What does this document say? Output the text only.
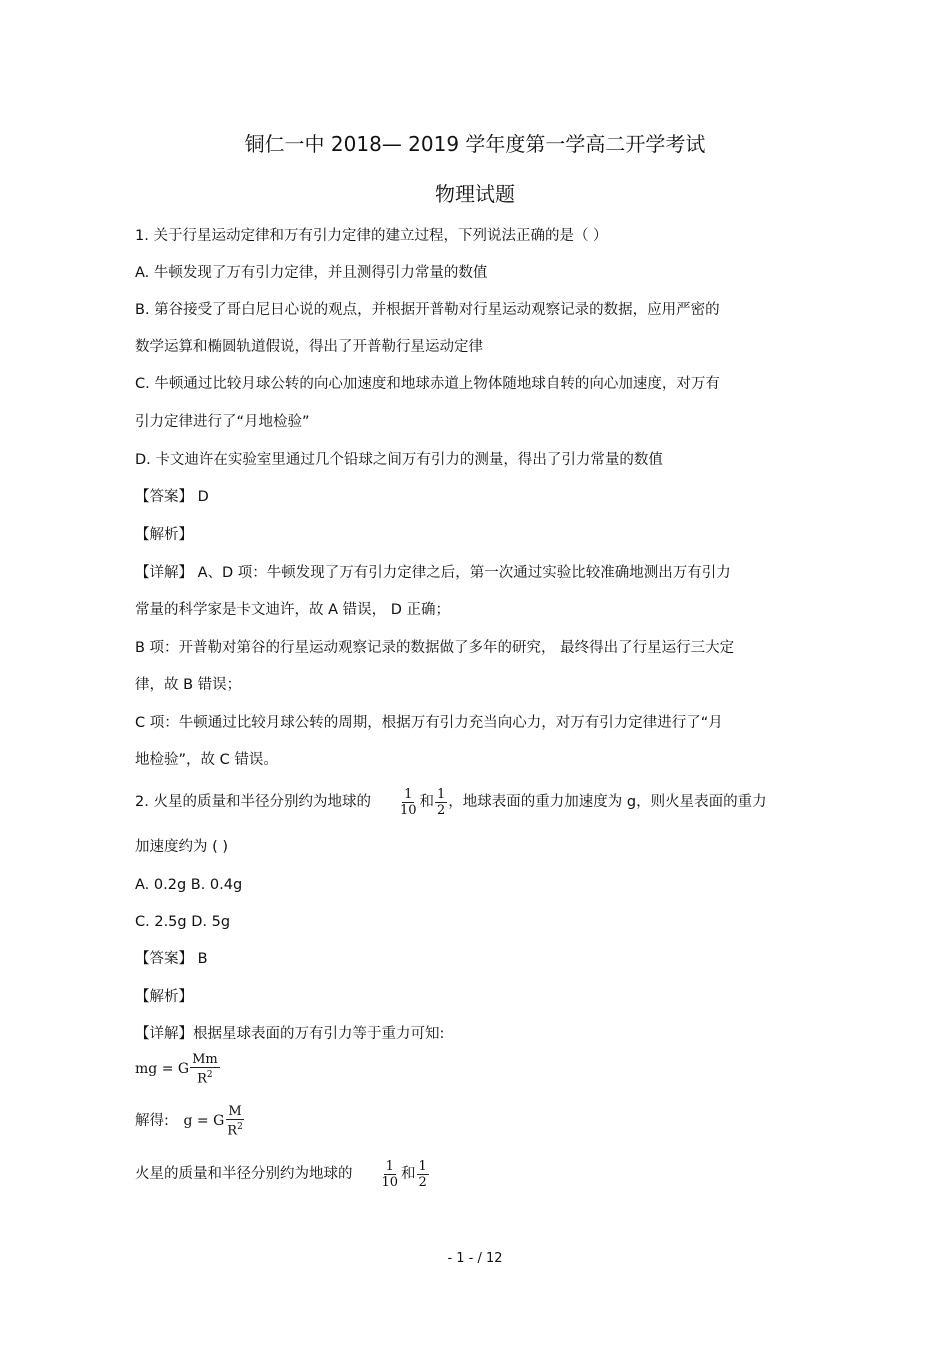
铜仁一中 2018— 2019 学年度第一学高二开学考试
物理试题
1. 关于行星运动定律和万有引力定律的建立过程，下列说法正确的是（ ）
A. 牛顿发现了万有引力定律，并且测得引力常量的数值
B. 第谷接受了哥白尼日心说的观点，并根据开普勒对行星运动观察记录的数据，应用严密的
数学运算和椭圆轨道假说，得出了开普勒行星运动定律
C. 牛顿通过比较月球公转的向心加速度和地球赤道上物体随地球自转的向心加速度，对万有
引力定律进行了“月地检验”
D. 卡文迪许在实验室里通过几个铅球之间万有引力的测量，得出了引力常量的数值
【答案】 D
【解析】
【详解】 A、D 项：牛顿发现了万有引力定律之后，第一次通过实验比较准确地测出万有引力
常量的科学家是卡文迪许，故 A 错误， D 正确；
B 项：开普勒对第谷的行星运动观察记录的数据做了多年的研究， 最终得出了行星运行三大定
律，故 B 错误；
C 项：牛顿通过比较月球公转的周期，根据万有引力充当向心力，对万有引力定律进行了“月
地检验”，故 C 错误。
2. 火星的质量和半径分别约为地球的 $\frac{1}{10}$ 和 $\frac{1}{2}$ ，地球表面的重力加速度为 g，则火星表面的重力
加速度约为 ( )
A. 0.2g B. 0.4g
C. 2.5g D. 5g
【答案】 B
【解析】
【详解】根据星球表面的万有引力等于重力可知:
mg = G $\frac{Mm}{R^2}$
解得: g = G $\frac{M}{R^2}$
火星的质量和半径分别约为地球的 $\frac{1}{10}$ 和 $\frac{1}{2}$
- 1 - / 12
